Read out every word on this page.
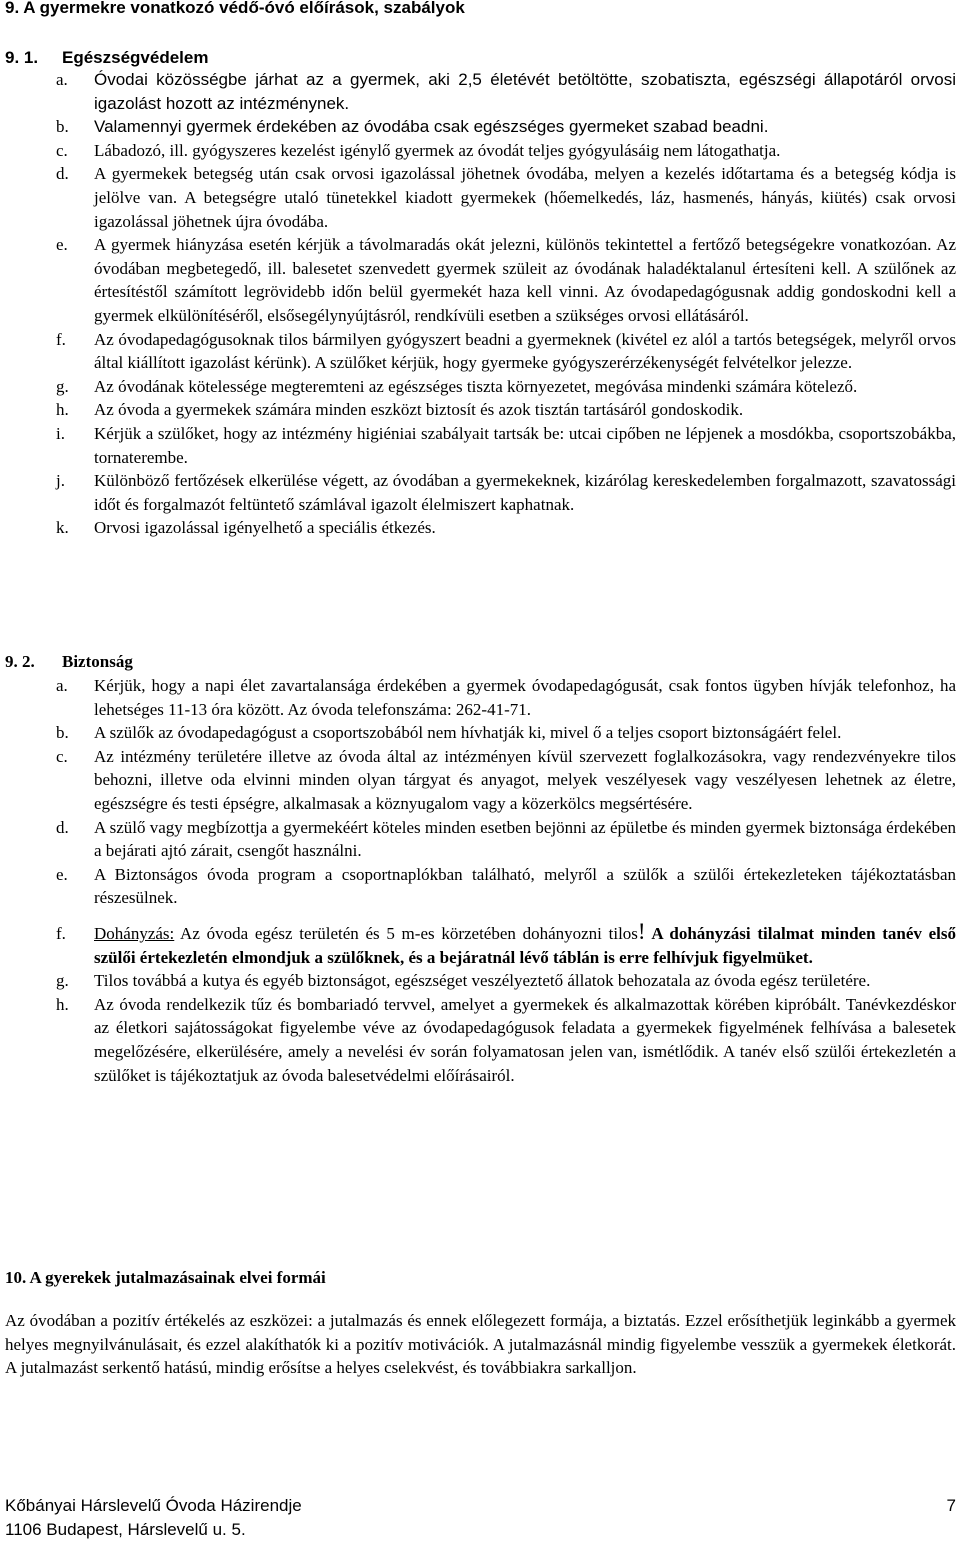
9. A gyermekre vonatkozó védő-óvó előírások, szabályok
9. 1. Egészségvédelem
a. Óvodai közösségbe járhat az a gyermek, aki 2,5 életévét betöltötte, szobatiszta, egészségi állapotáról orvosi igazolást hozott az intézménynek.
b. Valamennyi gyermek érdekében az óvodába csak egészséges gyermeket szabad beadni.
c. Lábadozó, ill. gyógyszeres kezelést igénylő gyermek az óvodát teljes gyógyulásáig nem látogathatja.
d. A gyermekek betegség után csak orvosi igazolással jöhetnek óvodába, melyen a kezelés időtartama és a betegség kódja is jelölve van. A betegségre utaló tünetekkel kiadott gyermekek (hőemelkedés, láz, hasmenés, hányás, kiütés) csak orvosi igazolással jöhetnek újra óvodába.
e. A gyermek hiányzása esetén kérjük a távolmaradás okát jelezni, különös tekintettel a fertőző betegségekre vonatkozóan. Az óvodában megbetegedő, ill. balesetet szenvedett gyermek szüleit az óvodának haladéktalanul értesíteni kell. A szülőnek az értesítéstől számított legrövidebb időn belül gyermekét haza kell vinni. Az óvodapedagógusnak addig gondoskodni kell a gyermek elkülönítéséről, elsősegélynyújtásról, rendkívüli esetben a szükséges orvosi ellátásáról.
f. Az óvodapedagógusoknak tilos bármilyen gyógyszert beadni a gyermeknek (kivétel ez alól a tartós betegségek, melyről orvos által kiállított igazolást kérünk). A szülőket kérjük, hogy gyermeke gyógyszerérzékenységét felvételkor jelezze.
g. Az óvodának kötelessége megteremteni az egészséges tiszta környezetet, megóvása mindenki számára kötelező.
h. Az óvoda a gyermekek számára minden eszközt biztosít és azok tisztán tartásáról gondoskodik.
i. Kérjük a szülőket, hogy az intézmény higiéniai szabályait tartsák be: utcai cipőben ne lépjenek a mosdókba, csoportszobákba, tornaterembe.
j. Különböző fertőzések elkerülése végett, az óvodában a gyermekeknek, kizárólag kereskedelemben forgalmazott, szavatossági időt és forgalmazót feltüntető számlával igazolt élelmiszert kaphatnak.
k. Orvosi igazolással igényelhető a speciális étkezés.
9. 2. Biztonság
a. Kérjük, hogy a napi élet zavartalansága érdekében a gyermek óvodapedagógusát, csak fontos ügyben hívják telefonhoz, ha lehetséges 11-13 óra között. Az óvoda telefonszáma: 262-41-71.
b. A szülők az óvodapedagógust a csoportszobából nem hívhatják ki, mivel ő a teljes csoport biztonságáért felel.
c. Az intézmény területére illetve az óvoda által az intézményen kívül szervezett foglalkozásokra, vagy rendezvényekre tilos behozni, illetve oda elvinni minden olyan tárgyat és anyagot, melyek veszélyesek vagy veszélyesen lehetnek az életre, egészségre és testi épségre, alkalmasak a köznyugalom vagy a közerkölcs megsértésére.
d. A szülő vagy megbízottja a gyermekéért köteles minden esetben bejönni az épületbe és minden gyermek biztonsága érdekében a bejárati ajtó zárait, csengőt használni.
e. A Biztonságos óvoda program a csoportnaplókban található, melyről a szülők a szülői értekezleteken tájékoztatásban részesülnek.
f. Dohányzás: Az óvoda egész területén és 5 m-es körzetében dohányozni tilos! A dohányzási tilalmat minden tanév első szülői értekezletén elmondjuk a szülőknek, és a bejáratnál lévő táblán is erre felhívjuk figyelmüket.
g. Tilos továbbá a kutya és egyéb biztonságot, egészséget veszélyeztető állatok behozatala az óvoda egész területére.
h. Az óvoda rendelkezik tűz és bombariadó tervvel, amelyet a gyermekek és alkalmazottak körében kipróbált. Tanévkezdéskor az életkori sajátosságokat figyelembe véve az óvodapedagógusok feladata a gyermekek figyelmének felhívása a balesetek megelőzésére, elkerülésére, amely a nevelési év során folyamatosan jelen van, ismétlődik. A tanév első szülői értekezletén a szülőket is tájékoztatjuk az óvoda balesetvédelmi előírásairól.
10. A gyerekek jutalmazásainak elvei formái

Az óvodában a pozitív értékelés az eszközei: a jutalmazás és ennek előlegezett formája, a biztatás. Ezzel erősíthetjük leginkább a gyermek helyes megnyilvánulásait, és ezzel alakíthatók ki a pozitív motivációk. A jutalmazásnál mindig figyelembe vesszük a gyermekek életkorát. A jutalmazást serkentő hatású, mindig erősítse a helyes cselekvést, és továbbiakra sarkalljon.

Kőbányai Hárslevelű Óvoda Házirendje
1106 Budapest, Hárslevelű u. 5.
7
